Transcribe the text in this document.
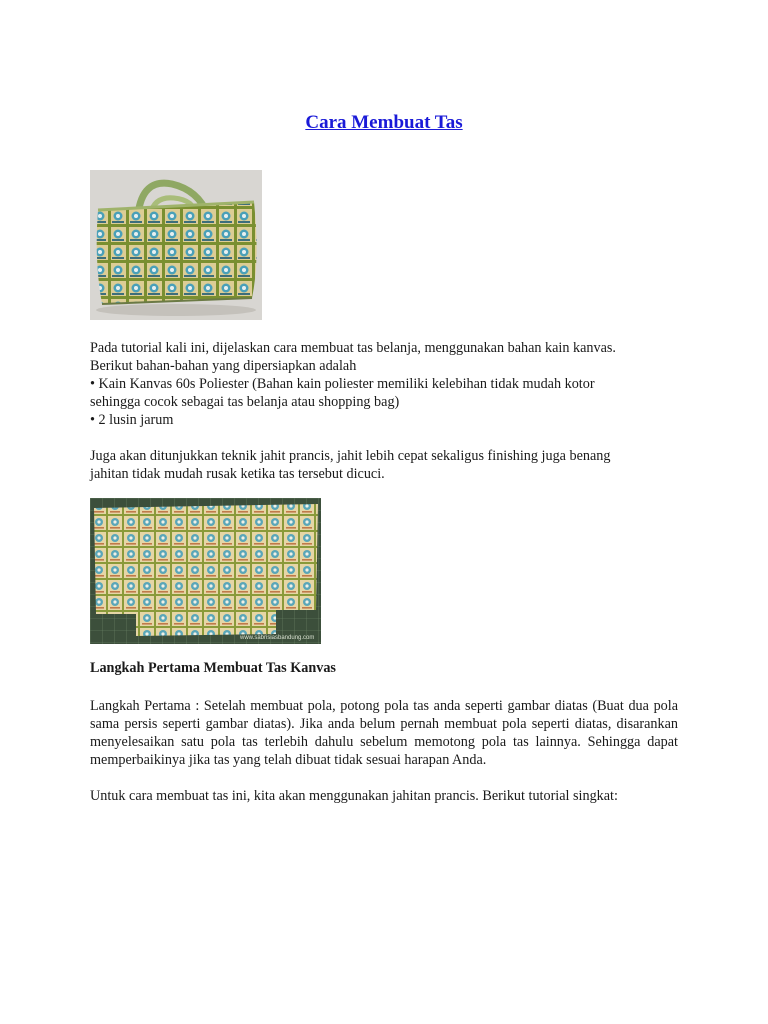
Cara Membuat Tas

Pada tutorial kali ini, dijelaskan cara membuat tas belanja, menggunakan bahan kain kanvas.
Berikut bahan-bahan yang dipersiapkan adalah
• Kain Kanvas 60s Poliester (Bahan kain poliester memiliki kelebihan tidak mudah kotor
sehingga cocok sebagai tas belanja atau shopping bag)
• 2 lusin jarum

Juga akan ditunjukkan teknik jahit prancis, jahit lebih cepat sekaligus finishing juga benang
jahitan tidak mudah rusak ketika tas tersebut dicuci.

www.sabrisiasbandung.com
Langkah Pertama Membuat Tas Kanvas

Langkah Pertama : Setelah membuat pola, potong pola tas anda seperti gambar diatas (Buat dua pola sama persis seperti gambar diatas). Jika anda belum pernah membuat pola seperti diatas, disarankan menyelesaikan satu pola tas terlebih dahulu sebelum memotong pola tas lainnya. Sehingga dapat memperbaikinya jika tas yang telah dibuat tidak sesuai harapan Anda.

Untuk cara membuat tas ini, kita akan menggunakan jahitan prancis. Berikut tutorial singkat:
